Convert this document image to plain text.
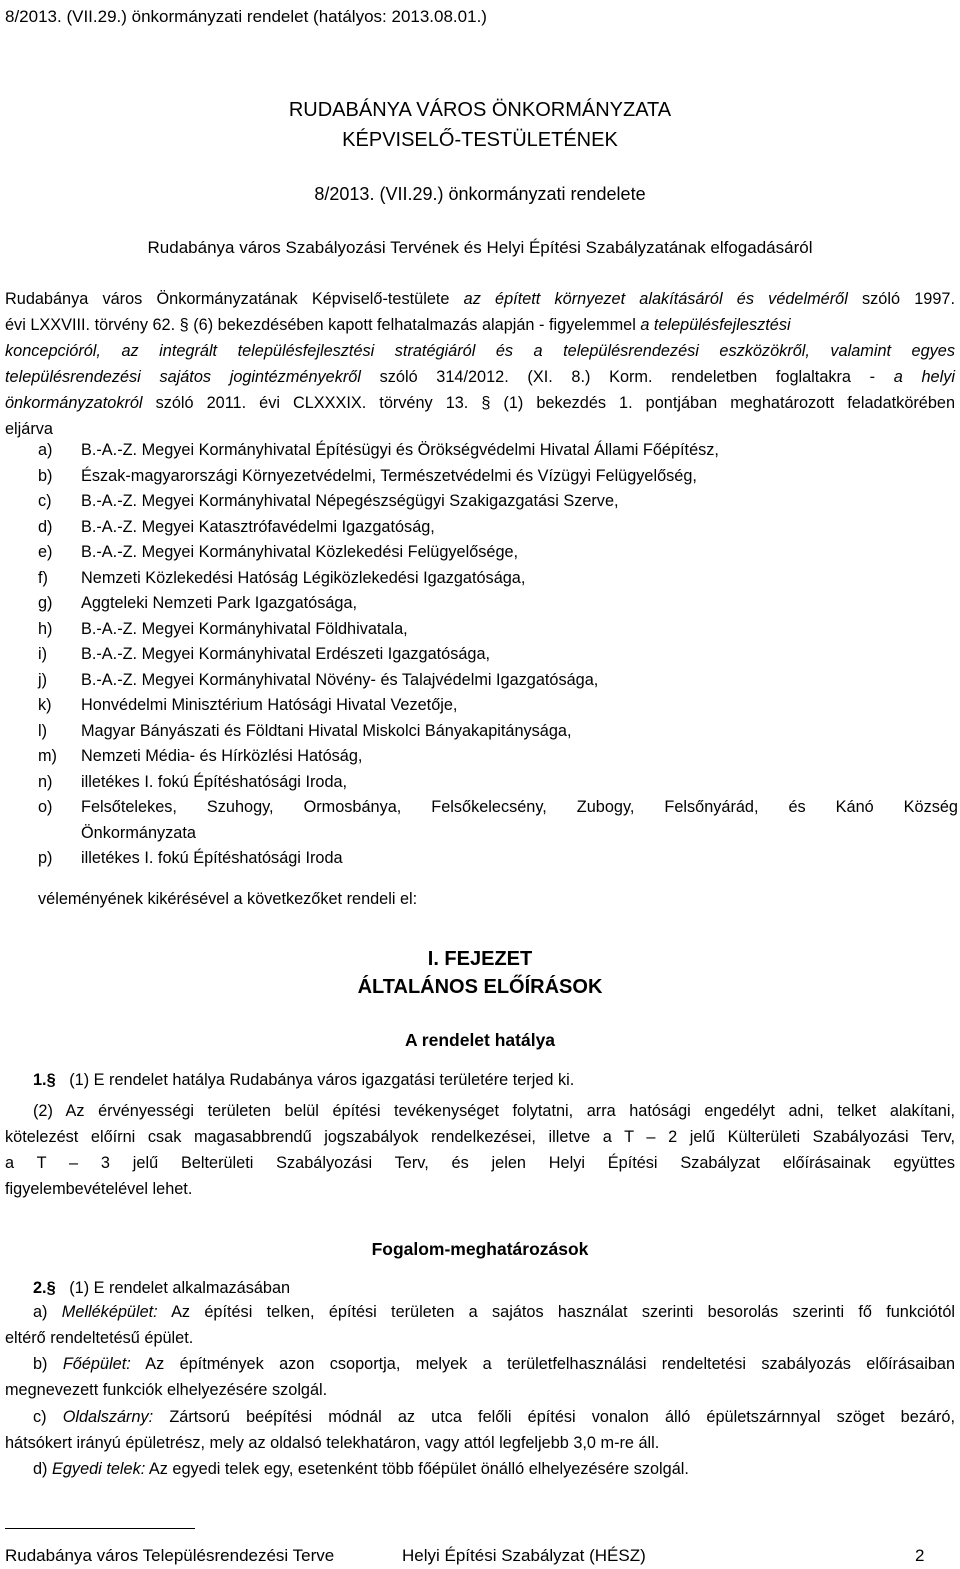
8/2013. (VII.29.) önkormányzati rendelet (hatályos: 2013.08.01.)
RUDABÁNYA VÁROS ÖNKORMÁNYZATA
KÉPVISELŐ-TESTÜLETÉNEK
8/2013. (VII.29.) önkormányzati rendelete
Rudabánya város Szabályozási Tervének és Helyi Építési Szabályzatának elfogadásáról
Rudabánya város Önkormányzatának Képviselő-testülete az épített környezet alakításáról és védelméről szóló 1997.
évi LXXVIII. törvény 62. § (6) bekezdésében kapott felhatalmazás alapján - figyelemmel a településfejlesztési
koncepcióról, az integrált településfejlesztési stratégiáról és a településrendezési eszközökről, valamint egyes
településrendezési sajátos jogintézményekről szóló 314/2012. (XI. 8.) Korm. rendeletben foglaltakra - a helyi
önkormányzatokról szóló 2011. évi CLXXXIX. törvény 13. § (1) bekezdés 1. pontjában meghatározott feladatkörében
eljárva
a)	B.-A.-Z. Megyei Kormányhivatal Építésügyi és Örökségvédelmi Hivatal Állami Főépítész,
b)	Észak-magyarországi Környezetvédelmi, Természetvédelmi és Vízügyi Felügyelőség,
c)	B.-A.-Z. Megyei Kormányhivatal Népegészségügyi Szakigazgatási Szerve,
d)	B.-A.-Z. Megyei Katasztrófavédelmi Igazgatóság,
e)	B.-A.-Z. Megyei Kormányhivatal Közlekedési Felügyelősége,
f)	Nemzeti Közlekedési Hatóság Légiközlekedési Igazgatósága,
g)	Aggteleki Nemzeti Park Igazgatósága,
h)	B.-A.-Z. Megyei Kormányhivatal Földhivatala,
i)	B.-A.-Z. Megyei Kormányhivatal Erdészeti Igazgatósága,
j)	B.-A.-Z. Megyei Kormányhivatal Növény- és Talajvédelmi Igazgatósága,
k)	Honvédelmi Minisztérium Hatósági Hivatal Vezetője,
l)	Magyar Bányászati és Földtani Hivatal Miskolci Bányakapitánysága,
m)	Nemzeti Média- és Hírközlési Hatóság,
n)	illetékes I. fokú Építéshatósági Iroda,
o)	Felsőtelekes, Szuhogy, Ormosbánya, Felsőkelecsény, Zubogy, Felsőnyárád, és Kánó Község
Önkormányzata
p)	illetékes I. fokú Építéshatósági Iroda
véleményének kikérésével a következőket rendeli el:
I. FEJEZET
ÁLTALÁNOS ELŐÍRÁSOK
A rendelet hatálya
1.§   (1) E rendelet hatálya Rudabánya város igazgatási területére terjed ki.
(2) Az érvényességi területen belül építési tevékenységet folytatni, arra hatósági engedélyt adni, telket alakítani,
kötelezést előírni csak magasabbrendű jogszabályok rendelkezései, illetve a T – 2 jelű Külterületi Szabályozási Terv,
a T – 3 jelű Belterületi Szabályozási Terv, és jelen Helyi Építési Szabályzat előírásainak együttes
figyelembevételével lehet.
Fogalom-meghatározások
2.§   (1) E rendelet alkalmazásában
a) Melléképület: Az építési telken, építési területen a sajátos használat szerinti besorolás szerinti fő funkciótól
eltérő rendeltetésű épület.
b) Főépület: Az építmények azon csoportja, melyek a területfelhasználási rendeltetési szabályozás előírásaiban
megnevezett funkciók elhelyezésére szolgál.
c) Oldalszárny: Zártsorú beépítési módnál az utca felőli építési vonalon álló épületszárnnyal szöget bezáró,
hátsókert irányú épületrész, mely az oldalsó telekhatáron, vagy attól legfeljebb 3,0 m-re áll.
d) Egyedi telek: Az egyedi telek egy, esetenként több főépület önálló elhelyezésére szolgál.
Rudabánya város Településrendezési Terve	Helyi Építési Szabályzat (HÉSZ)	2
